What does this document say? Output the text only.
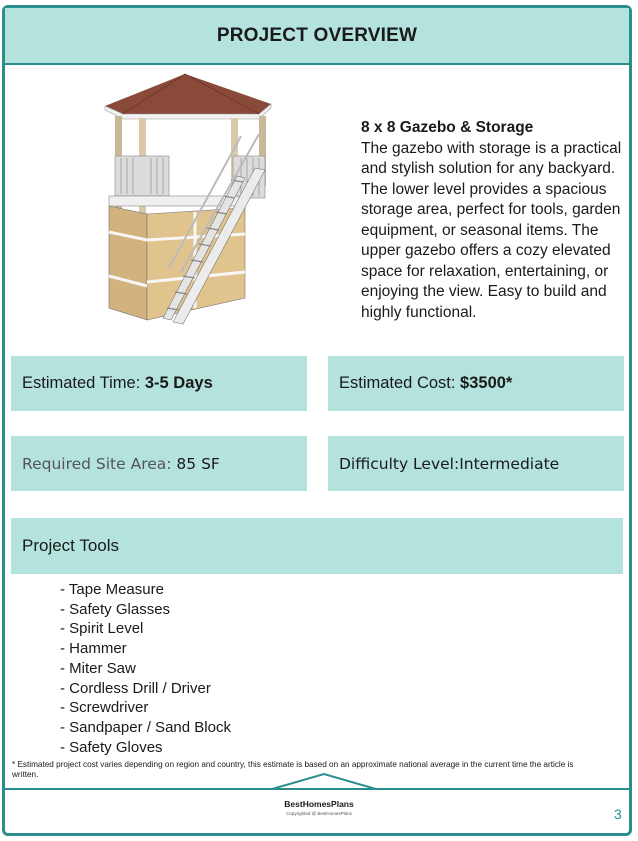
PROJECT OVERVIEW
8 x 8 Gazebo & Storage
The gazebo with storage is a practical and stylish solution for any backyard. The lower level provides a spacious storage area, perfect for tools, garden equipment, or seasonal items. The upper gazebo offers a cozy elevated space for relaxation, entertaining, or enjoying the view. Easy to build and highly functional.
Estimated Time: 3-5 Days	Estimated Cost: $3500*
Required Site Area: 85 SF	Difficulty Level: Intermediate
Project Tools
- Tape Measure
- Safety Glasses
- Spirit Level
- Hammer
- Miter Saw
- Cordless Drill / Driver
- Screwdriver
- Sandpaper / Sand Block
- Safety Gloves
* Estimated project cost varies depending on region and country, this estimate is based on an approximate national average in the current time the article is written.
BestHomesPlans
Copyrighted @ BestHomesPlans	3
